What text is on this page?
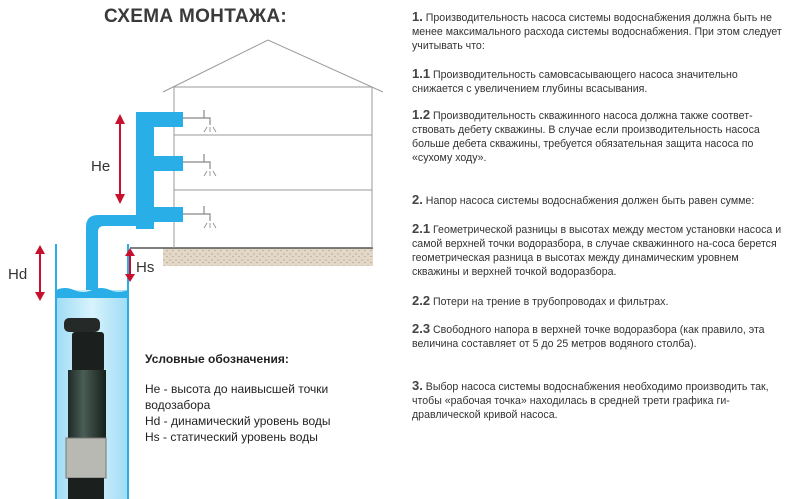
СХЕМА МОНТАЖА:
He
Hd	Hs
Условные обозначения:
He - высота до наивысшей точки водозабора
Hd - динамический уровень воды
Hs - статический уровень воды
1. Производительность насоса системы водоснабжения должна быть не менее максимального расхода системы водоснабжения. При этом следует учитывать что:
1.1 Производительность самовсасывающего насоса значительно снижается с увеличением глубины всасывания.
1.2 Производительность скважинного насоса должна также соответ-ствовать дебету скважины. В случае если производительность насоса больше дебета скважины, требуется обязательная защита насоса по «сухому ходу».
2. Напор насоса системы водоснабжения должен быть равен сумме:
2.1 Геометрической разницы в высотах между местом установки насоса и самой верхней точки водоразбора, в случае скважинного на-соса берется геометрическая разница в высотах между динамическим уровнем скважины и верхней точкой водоразбора.
2.2 Потери на трение в трубопроводах и фильтрах.
2.3 Свободного напора в верхней точке водоразбора (как правило, эта величина составляет от 5 до 25 метров водяного столба).
3. Выбор насоса системы водоснабжения необходимо производить так, чтобы «рабочая точка» находилась в средней трети графика ги-дравлической кривой насоса.
